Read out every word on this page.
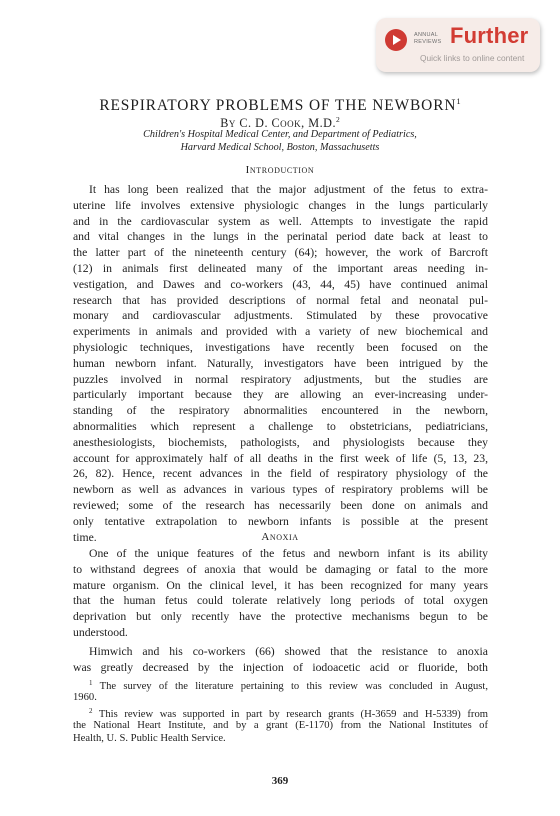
ANNUAL
REVIEWS Further
Quick links to online content
RESPIRATORY PROBLEMS OF THE NEWBORN$^1$
By C. D. Cook, M.D.$^2$
Children's Hospital Medical Center, and Department of Pediatrics,
Harvard Medical School, Boston, Massachusetts
Introduction
It has long been realized that the major adjustment of the fetus to extra-
uterine life involves extensive physiologic changes in the lungs particularly
and in the cardiovascular system as well. Attempts to investigate the rapid
and vital changes in the lungs in the perinatal period date back at least to
the latter part of the nineteenth century (64); however, the work of Barcroft
(12) in animals first delineated many of the important areas needing in-
vestigation, and Dawes and co-workers (43, 44, 45) have continued animal
research that has provided descriptions of normal fetal and neonatal pul-
monary and cardiovascular adjustments. Stimulated by these provocative
experiments in animals and provided with a variety of new biochemical and
physiologic techniques, investigations have recently been focused on the
human newborn infant. Naturally, investigators have been intrigued by the
puzzles involved in normal respiratory adjustments, but the studies are
particularly important because they are allowing an ever-increasing under-
standing of the respiratory abnormalities encountered in the newborn,
abnormalities which represent a challenge to obstetricians, pediatricians,
anesthesiologists, biochemists, pathologists, and physiologists because they
account for approximately half of all deaths in the first week of life (5, 13, 23,
26, 82). Hence, recent advances in the field of respiratory physiology of the
newborn as well as advances in various types of respiratory problems will be
reviewed; some of the research has necessarily been done on animals and
only tentative extrapolation to newborn infants is possible at the present
time.	Anoxia
One of the unique features of the fetus and newborn infant is its ability
to withstand degrees of anoxia that would be damaging or fatal to the more
mature organism. On the clinical level, it has been recognized for many years
that the human fetus could tolerate relatively long periods of total oxygen
deprivation but only recently have the protective mechanisms begun to be
understood.
Himwich and his co-workers (66) showed that the resistance to anoxia
was greatly decreased by the injection of iodoacetic acid or fluoride, both
$^1$ The survey of the literature pertaining to this review was concluded in August,
1960.
$^2$ This review was supported in part by research grants (H-3659 and H-5339) from
the National Heart Institute, and by a grant (E-1170) from the National Institutes of
Health, U. S. Public Health Service.
369
